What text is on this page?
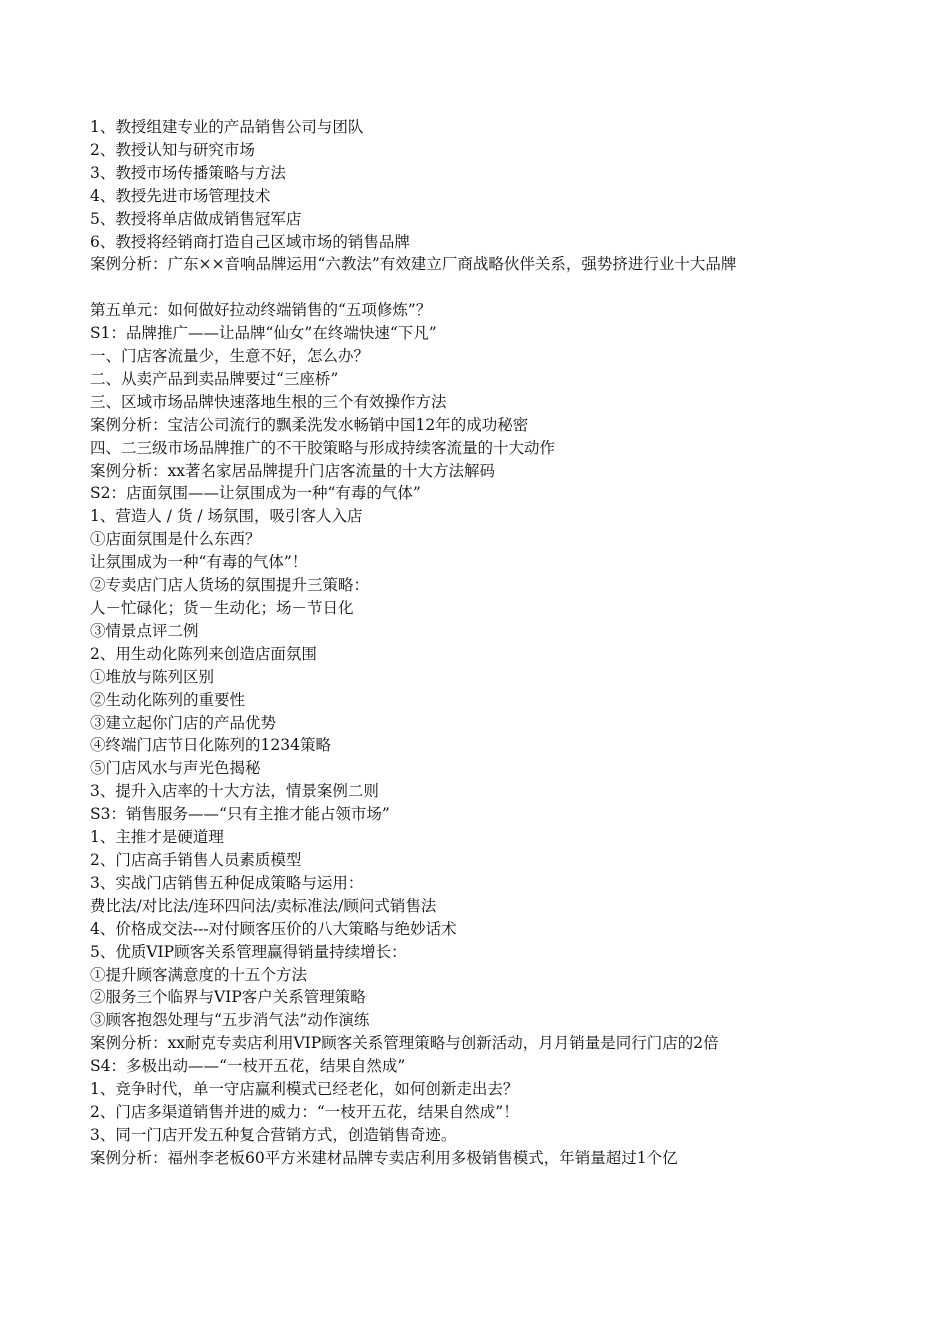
1、教授组建专业的产品销售公司与团队
2、教授认知与研究市场
3、教授市场传播策略与方法
4、教授先进市场管理技术
5、教授将单店做成销售冠军店
6、教授将经销商打造自己区域市场的销售品牌
案例分析：广东××音响品牌运用“六教法”有效建立厂商战略伙伴关系，强势挤进行业十大品牌
第五单元：如何做好拉动终端销售的“五项修炼”？
S1：品牌推广——让品牌“仙女”在终端快速“下凡”
一、门店客流量少，生意不好，怎么办？
二、从卖产品到卖品牌要过“三座桥”
三、区域市场品牌快速落地生根的三个有效操作方法
案例分析：宝洁公司流行的飘柔洗发水畅销中国12年的成功秘密
四、二三级市场品牌推广的不干胶策略与形成持续客流量的十大动作
案例分析：xx著名家居品牌提升门店客流量的十大方法解码
S2：店面氛围——让氛围成为一种“有毒的气体”
1、营造人 / 货 / 场氛围，吸引客人入店
①店面氛围是什么东西？
让氛围成为一种“有毒的气体”！
②专卖店门店人货场的氛围提升三策略：
人－忙碌化；货－生动化；场－节日化
③情景点评二例
2、用生动化陈列来创造店面氛围
①堆放与陈列区别
②生动化陈列的重要性
③建立起你门店的产品优势
④终端门店节日化陈列的1234策略
⑤门店风水与声光色揭秘
3、提升入店率的十大方法，情景案例二则
S3：销售服务——“只有主推才能占领市场”
1、主推才是硬道理
2、门店高手销售人员素质模型
3、实战门店销售五种促成策略与运用：
费比法/对比法/连环四问法/卖标准法/顾问式销售法
4、价格成交法---对付顾客压价的八大策略与绝妙话术
5、优质VIP顾客关系管理赢得销量持续增长：
①提升顾客满意度的十五个方法
②服务三个临界与VIP客户关系管理策略
③顾客抱怨处理与“五步消气法”动作演练
案例分析：xx耐克专卖店利用VIP顾客关系管理策略与创新活动，月月销量是同行门店的2倍
S4：多极出动——“一枝开五花，结果自然成”
1、竞争时代，单一守店赢利模式已经老化，如何创新走出去？
2、门店多渠道销售并进的威力：“一枝开五花，结果自然成”！
3、同一门店开发五种复合营销方式，创造销售奇迹。
案例分析：福州李老板60平方米建材品牌专卖店利用多极销售模式，年销量超过1个亿
